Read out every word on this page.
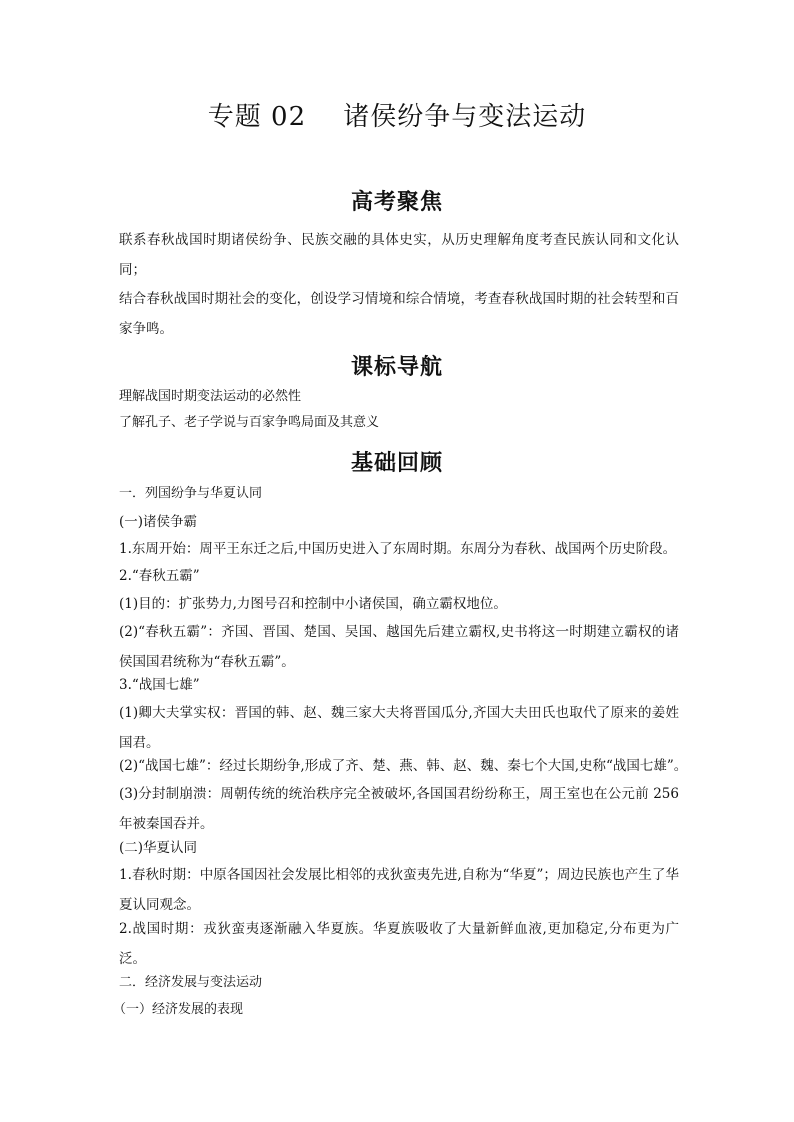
专题 02    诸侯纷争与变法运动
高考聚焦
联系春秋战国时期诸侯纷争、民族交融的具体史实，从历史理解角度考查民族认同和文化认同；
结合春秋战国时期社会的变化，创设学习情境和综合情境，考查春秋战国时期的社会转型和百家争鸣。
课标导航
理解战国时期变法运动的必然性
了解孔子、老子学说与百家争鸣局面及其意义
基础回顾
一．列国纷争与华夏认同
(一)诸侯争霸
1.东周开始：周平王东迁之后,中国历史进入了东周时期。东周分为春秋、战国两个历史阶段。
2.“春秋五霸”
(1)目的：扩张势力,力图号召和控制中小诸侯国，确立霸权地位。
(2)“春秋五霸”：齐国、晋国、楚国、吴国、越国先后建立霸权,史书将这一时期建立霸权的诸侯国国君统称为“春秋五霸”。
3.“战国七雄”
(1)卿大夫掌实权：晋国的韩、赵、魏三家大夫将晋国瓜分,齐国大夫田氏也取代了原来的姜姓国君。
(2)“战国七雄”：经过长期纷争,形成了齐、楚、燕、韩、赵、魏、秦七个大国,史称“战国七雄”。
(3)分封制崩溃：周朝传统的统治秩序完全被破坏,各国国君纷纷称王，周王室也在公元前 256 年被秦国吞并。
(二)华夏认同
1.春秋时期：中原各国因社会发展比相邻的戎狄蛮夷先进,自称为“华夏”；周边民族也产生了华夏认同观念。
2.战国时期：戎狄蛮夷逐渐融入华夏族。华夏族吸收了大量新鲜血液,更加稳定,分布更为广泛。
二．经济发展与变法运动
（一）经济发展的表现
